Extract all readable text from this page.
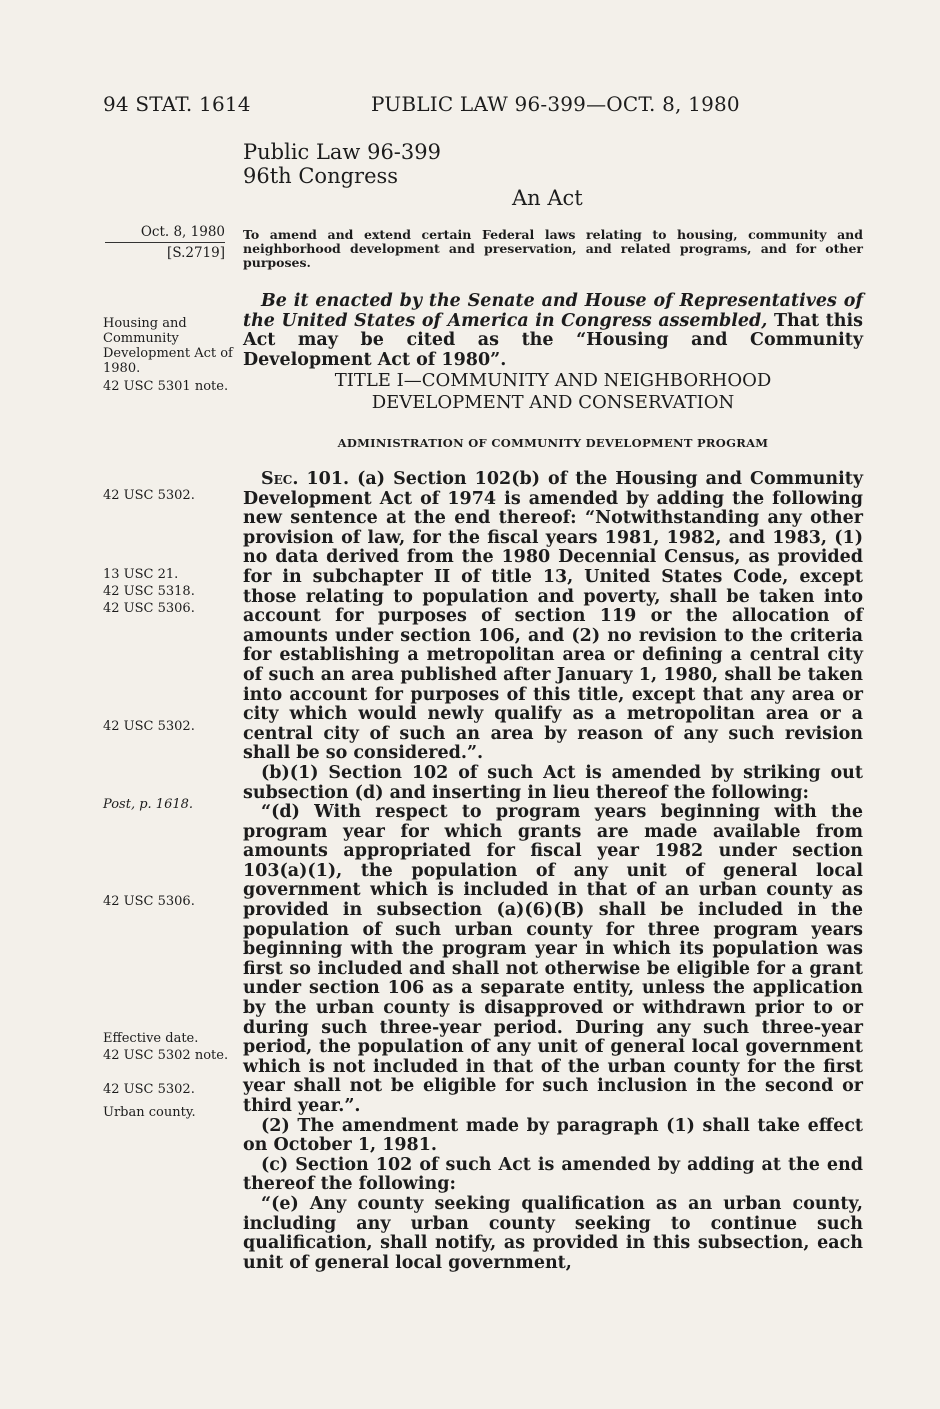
94 STAT. 1614	PUBLIC LAW 96-399—OCT. 8, 1980
Public Law 96-399
96th Congress
An Act
Oct. 8, 1980
[S.2719]
To amend and extend certain Federal laws relating to housing, community and neighborhood development and preservation, and related programs, and for other purposes.

Be it enacted by the Senate and House of Representatives of the United States of America in Congress assembled, That this Act may be cited as the “Housing and Community Development Act of 1980”.

Housing and Community Development Act of 1980.
42 USC 5301 note.
42 USC 5302.
13 USC 21.
42 USC 5318.
42 USC 5306.
42 USC 5302.
Post, p. 1618.
42 USC 5306.
Effective date.
42 USC 5302 note.
42 USC 5302.
Urban county.
TITLE I—COMMUNITY AND NEIGHBORHOOD
DEVELOPMENT AND CONSERVATION
ADMINISTRATION OF COMMUNITY DEVELOPMENT PROGRAM

Sec. 101. (a) Section 102(b) of the Housing and Community Development Act of 1974 is amended by adding the following new sentence at the end thereof: “Notwithstanding any other provision of law, for the fiscal years 1981, 1982, and 1983, (1) no data derived from the 1980 Decennial Census, as provided for in subchapter II of title 13, United States Code, except those relating to population and poverty, shall be taken into account for purposes of section 119 or the allocation of amounts under section 106, and (2) no revision to the criteria for establishing a metropolitan area or defining a central city of such an area published after January 1, 1980, shall be taken into account for purposes of this title, except that any area or city which would newly qualify as a metropolitan area or a central city of such an area by reason of any such revision shall be so considered.”.

(b)(1) Section 102 of such Act is amended by striking out subsection (d) and inserting in lieu thereof the following:

“(d) With respect to program years beginning with the program year for which grants are made available from amounts appropriated for fiscal year 1982 under section 103(a)(1), the population of any unit of general local government which is included in that of an urban county as provided in subsection (a)(6)(B) shall be included in the population of such urban county for three program years beginning with the program year in which its population was first so included and shall not otherwise be eligible for a grant under section 106 as a separate entity, unless the application by the urban county is disapproved or withdrawn prior to or during such three-year period. During any such three-year period, the population of any unit of general local government which is not included in that of the urban county for the first year shall not be eligible for such inclusion in the second or third year.”.

(2) The amendment made by paragraph (1) shall take effect on October 1, 1981.

(c) Section 102 of such Act is amended by adding at the end thereof the following:

“(e) Any county seeking qualification as an urban county, including any urban county seeking to continue such qualification, shall notify, as provided in this subsection, each unit of general local government,
